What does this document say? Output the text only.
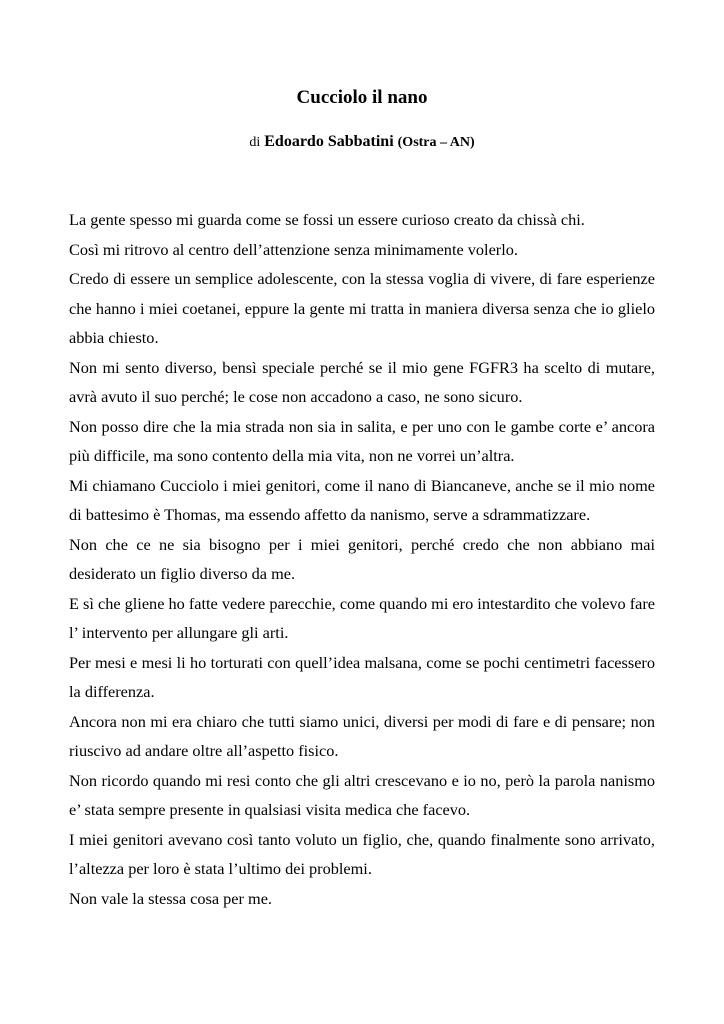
Cucciolo il nano
di Edoardo Sabbatini (Ostra – AN)

La gente spesso mi guarda come se fossi un essere curioso creato da chissà chi.

Così mi ritrovo al centro dell’attenzione senza minimamente volerlo.

Credo di essere un semplice adolescente, con la stessa voglia di vivere, di fare esperienze che hanno i miei coetanei, eppure la gente mi tratta in maniera diversa senza che io glielo abbia chiesto.

Non mi sento diverso, bensì speciale perché se il mio gene FGFR3 ha scelto di mutare, avrà avuto il suo perché; le cose non accadono a caso, ne sono sicuro.

Non posso dire che la mia strada non sia in salita, e per uno con le gambe corte e’ ancora più difficile, ma sono contento della mia vita, non ne vorrei un’altra.

Mi chiamano Cucciolo i miei genitori, come il nano di Biancaneve, anche se il mio nome di battesimo è Thomas, ma essendo affetto da nanismo, serve a sdrammatizzare.

Non che ce ne sia bisogno per i miei genitori, perché credo che non abbiano mai desiderato un figlio diverso da me.

E sì che gliene ho fatte vedere parecchie, come quando mi ero intestardito che volevo fare l’ intervento per allungare gli arti.

Per mesi e mesi li ho torturati con quell’idea malsana, come se pochi centimetri facessero la differenza.

Ancora non mi era chiaro che tutti siamo unici, diversi per modi di fare e di pensare; non riuscivo ad andare oltre all’aspetto fisico.

Non ricordo quando mi resi conto che gli altri crescevano e io no, però la parola nanismo e’ stata sempre presente in qualsiasi visita medica che facevo.

I miei genitori avevano così tanto voluto un figlio, che, quando finalmente sono arrivato, l’altezza per loro è stata l’ultimo dei problemi.

Non vale la stessa cosa per me.
